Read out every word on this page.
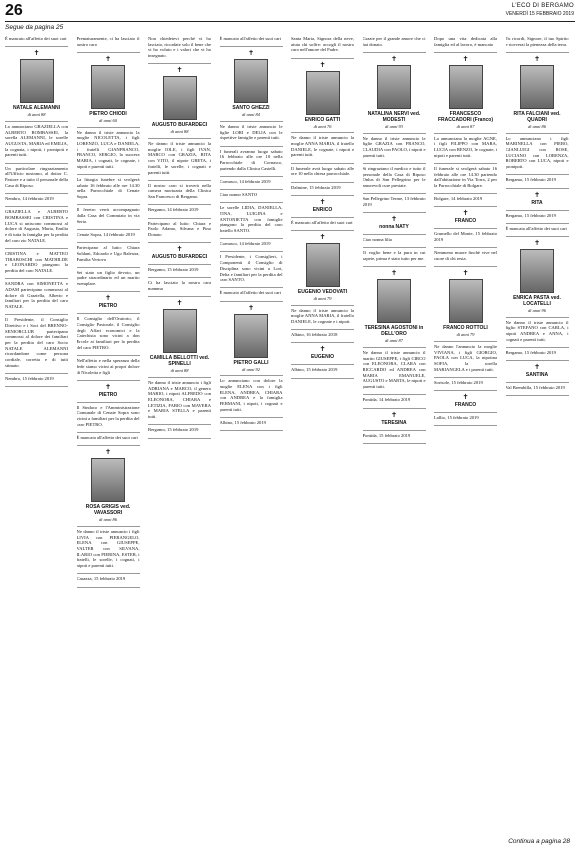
26	L'ECO DI BERGAMO
VENERDÌ 15 FEBBRAIO 2019
Segue da pagina 25

È mancato all'affetto dei suoi cari

✝
NATALE ALEMANNI
di anni 88

Lo annunciano GRAZIELLA con ALBERTO BOMBASSEI, la sorella ALEMANNI, le sorelle AUGUSTA, MARIA ed EMILIA, la cognata, i nipoti, i pronipoti e parenti tutti.

Un particolare ringraziamento all'Ufficio nostrano, al dottor C. Pastore e a tutto il personale della Casa di Riposo.

Nembro, 14 febbraio 2019

GRAZIELLA e ALBERTO BOMBASSEI con CRISTINA e LUCA si uniscono commossi al dolore di Augusta, Maria, Emilia e di tutta la famiglia per la perdita del caro zio NATALE.

CRISTINA e MATTEO TIRABOSCHI con MATHILDE e LEONARDO piangono la perdita del caro NATALE.

SANDRA con SIMONETTA e ADAM partecipano commossi al dolore di Graziella, Alberto e familiari per la perdita del caro NATALE.

Il Presidente, il Consiglio Direttivo e i Soci del BRENNO-SENIORCLUB partecipano commossi al dolore dei familiari per la perdita del caro Socio NATALE ALEMANNI ricordandone come persona cordiale, corretta e di tutti stimato.

Nembro, 15 febbraio 2019

Prematuramente, ci ha lasciato il nostro caro

✝
PIETRO CHIODI
di anni 60

Ne danno il triste annuncio la moglie NICOLETTA, i figli LORENZO, LUCA e DANIELA, i fratelli GIANFRANCO, FRANCO, SERGIO, la suocera MARIA, i cognati, le cognate, i nipoti e parenti tutti.

La liturgia funebre si svolgerà sabato 16 febbraio alle ore 14.30 nella Parrocchiale di Cenate Sopra.

Il feretro verrà accompagnato dalla Casa del Commiato in via Serio.

Cenate Sopra, 14 febbraio 2019

Partecipano al lutto: Chiara Soldani, Edoardo e Ugo Balestra, Familia Vertova

Sei stato un figlio devoto, un padre straordinario ed un marito esemplare.

✝
PIETRO

Il Consiglio dell'Oratorio, il Consiglio Pastorale, il Consiglio degli Affari economici e la Catechista sono vicini a don Ercole ai familiari per la perdita del caro PIETRO.

Nell'affetto e nella speranza della fede siamo vicini ai propri dolore di Nicoletta e figli

✝
PIETRO

Il Sindaco e l'Amministrazione Comunale di Cenate Sopra sono vicini a familiari per la perdita del caro PIETRO.

È mancata all'affetto dei suoi cari

✝
ROSA GRIGIS ved. VAVASSORI
di anni 86

Ne danno il triste annuncio i figli LIVIA con PIERANGELO, ELENA con GIUSEPPE, VALTER con SILVANA, ILARIO con PIERINA, ESTER, i fratelli, le sorelle, i cognati, i nipoti e parenti tutti.

Casazza, 15 febbraio 2019

Non chiedetevi perché vi ho lasciato, ricordate solo il bene che vi ho voluto e i valori che vi ho insegnato.

✝
AUGUSTO BUFARDECI
di anni 88

Ne danno il triste annuncio la moglie IOLE, i figli IVAN, MARCO con GRAZIA, RITA con VITO, il nipote GRETA, i fratelli, le sorelle, i cognati e parenti tutti.

Il nostro caro si troverà nella camera mortuaria della Clinica San Francesco di Bergamo.

Bergamo, 14 febbraio 2019

Partecipano al lutto: Chiara e Paolo Adamo, Silvana e Pino Donato

✝
AUGUSTO BUFARDECI

Bergamo, 15 febbraio 2019

Ci ha lasciato la nostra cara mamma

✝
CAMILLA BELLOTTI ved. SPINELLI
di anni 88

Ne danno il triste annuncio i figli ADRIANA e MARCO, il genero MARIO, i nipoti ALFREDO con ELEONORA, CHIARA e LETIZIA, FABIO con MAVERA e MARIA STELLA e parenti tutti.

Bergamo, 15 febbraio 2019

È mancato all'affetto dei suoi cari

✝
SANTO GHEZZI
di anni 84

Ne danno il triste annuncio le figlie LORI e DELIA con le rispettive famiglie e parenti tutti.

I funerali avranno luogo sabato 16 febbraio alle ore 10 nella Parrocchiale di Cornasco, partendo dalla Clinica Castelli.

Cornasco, 14 febbraio 2019

Ciao nonno SANTO

Le sorelle LIDIA, DANIELLA, TINA, LUIGINA e ANTONIETTA con famiglie piangono la perdita del caro fratello SANTO.

Cornasco, 14 febbraio 2019

I Presidente, i Consiglieri, i Componenti il Consiglio di Disciplina sono vicini a Lori, Delia e familiari per la perdita del caro SANTO.

È mancato all'affetto dei suoi cari

✝
PIETRO GALLI
di anni 92

Lo annunciano con dolore la moglie ELENA con i figli ELENA, ANDREA, CHIARA con ANDREA e la famiglia FERMANI, i nipoti, i cognati e parenti tutti.

Albino, 15 febbraio 2019

Santa Maria, Signora della neve, aiuta chi soffre: accogli il nostro caro nell'amore del Padre.

✝
ENRICO GATTI
di anni 76

Ne danno il triste annuncio la moglie ANNA MARIA, il fratello DANIELE, le cognate, i nipoti e parenti tutti.

Il funerale avrà luogo sabato alle ore 10 nella chiesa parrocchiale.

Dalmine, 15 febbraio 2019

✝
ENRICO

È mancato all'affetto dei suoi cari

✝
EUGENIO VEDOVATI
di anni 79

Ne danno il triste annuncio la moglie ANNA MARIA, il fratello DANIELE, le cognate e i nipoti.

Albino, 16 febbraio 2018

✝
EUGENIO

Albino, 15 febbraio 2019

Grazie per il grande amore che ci hai donato.

✝
NATALINA NERVI ved. MODESTI
di anni 93

Ne danno il triste annuncio le figlie GRAZIA con FRANCO, CLAUDIA con PAOLO, i nipoti e parenti tutti.

Si ringraziano il medico e tutto il personale della Casa di Riposo Onlus di San Pellegrino per le amorevoli cure prestate.

San Pellegrino Terme, 13 febbraio 2019

✝
nonna NATY

Ciao nonna lilia

Ti voglio bene e la pura in cui sapete, prima è stato tutto per me.

✝
TERESINA AGOSTONI in DELL'ORO
di anni 87

Ne danno il triste annuncio il marito GIUSEPPE, i figli CIRCO con ELEONORA, CLARA con RICCARDO ed ANDREA con MARIA EMANUELE, AUGUSTO e MARTA, le nipoti e parenti tutti.

Pontida, 14 febbraio 2019

✝
TERESINA

Pontida, 15 febbraio 2019

Dopo una vita dedicata alla famiglia ed al lavoro, è mancato

✝
FRANCESCO FRACCADORI (Franco)
di anni 87

Lo annunciano la moglie AGNE, i figli FILIPPO con MARA, LUCIA con RENZO, le cognate, i nipoti e parenti tutti.

Il funerale si svolgerà sabato 16 febbraio alle ore 14.30 partendo dall'abitazione in Via Torra, 2 per la Parrocchiale di Bolgare.

Bolgare, 14 febbraio 2019

✝
FRANCO

Grumello del Monte, 15 febbraio 2019

Nemmeno muore finchè vive nel cuore di chi resta.

✝
FRANCO ROTTOLI
di anni 79

Ne danno l'annuncio la moglie VIVIANA, i figli GIORGIO, PAOLA con LUCA, la nipotina SOFIA, la sorella MARIANGELA e i parenti tutti.

Sorisole, 15 febbraio 2019

✝
FRANCO

Lallio, 15 febbraio 2019

Tu ricordi, Signore, il tuo Spirito e riceverai la pienezza della terra.

✝
RITA FALCIANI ved. QUADRI
di anni 86

Lo annunciano i figli MARINELLA con PIERO, GIANLUIGI con ROSE, LUCIANO con LORENZA, ROBERTO con LUCA, nipoti e pronipoti.

Bergamo, 15 febbraio 2019

✝
RITA

Bergamo, 15 febbraio 2019

È mancata all'affetto dei suoi cari

✝
ENRICA PASTA ved. LOCATELLI
di anni 96

Ne danno il triste annuncio il figlio STEFANO con CARLA, i nipoti ANDREA e ANNA, i cognati e parenti tutti.

Bergamo, 15 febbraio 2019

✝
SANTINA

Val Brembilla, 15 febbraio 2019

Continua a pagina 28
